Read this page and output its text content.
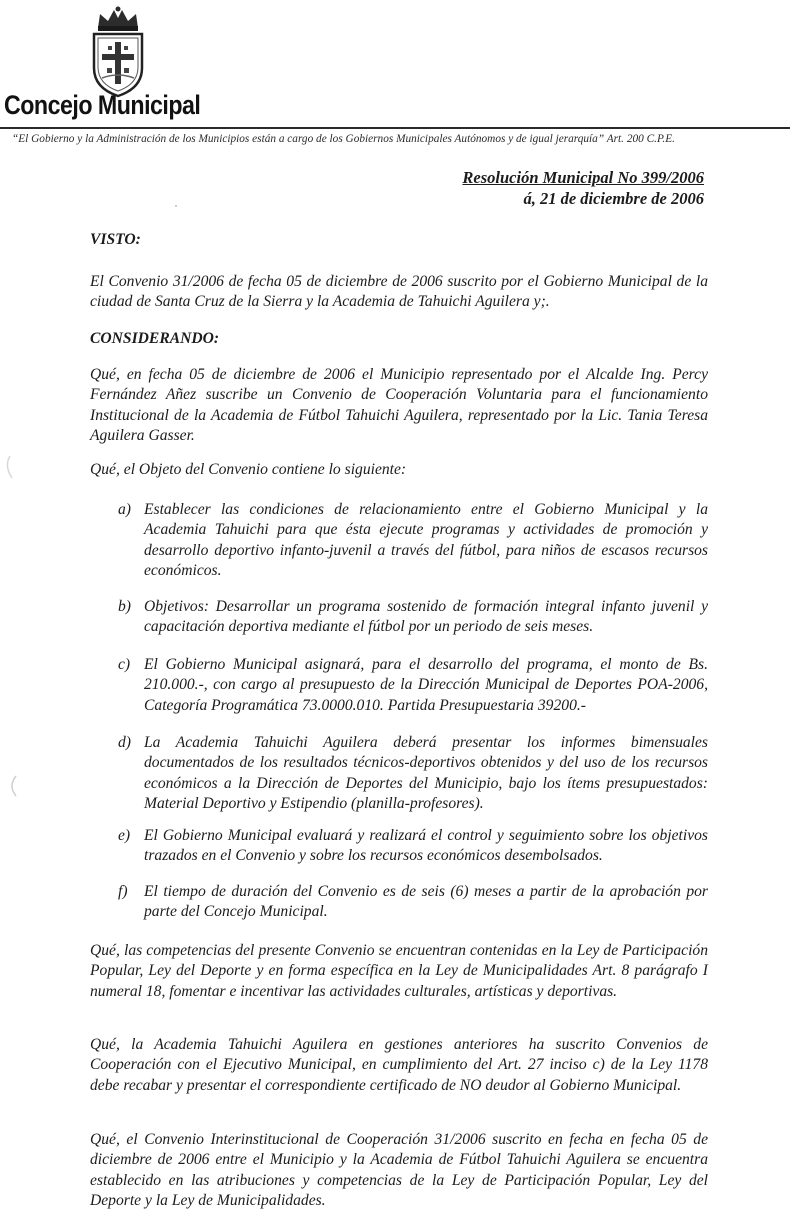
Concejo Municipal
“El Gobierno y la Administración de los Municipios están a cargo de los Gobiernos Municipales Autónomos y de igual jerarquía” Art. 200 C.P.E.
Resolución Municipal No 399/2006
á, 21 de diciembre de 2006
VISTO:

El Convenio 31/2006 de fecha 05 de diciembre de 2006 suscrito por el Gobierno Municipal de la ciudad de Santa Cruz de la Sierra y la Academia de Tahuichi Aguilera y;.

CONSIDERANDO:

Qué, en fecha 05 de diciembre de 2006 el Municipio representado por el Alcalde Ing. Percy Fernández Añez suscribe un Convenio de Cooperación Voluntaria para el funcionamiento Institucional de la Academia de Fútbol Tahuichi Aguilera, representado por la Lic. Tania Teresa Aguilera Gasser.

Qué, el Objeto del Convenio contiene lo siguiente:

a) Establecer las condiciones de relacionamiento entre el Gobierno Municipal y la Academia Tahuichi para que ésta ejecute programas y actividades de promoción y desarrollo deportivo infanto-juvenil a través del fútbol, para niños de escasos recursos económicos.
b) Objetivos: Desarrollar un programa sostenido de formación integral infanto juvenil y capacitación deportiva mediante el fútbol por un periodo de seis meses.
c) El Gobierno Municipal asignará, para el desarrollo del programa, el monto de Bs. 210.000.-, con cargo al presupuesto de la Dirección Municipal de Deportes POA-2006, Categoría Programática 73.0000.010. Partida Presupuestaria 39200.-
d) La Academia Tahuichi Aguilera deberá presentar los informes bimensuales documentados de los resultados técnicos-deportivos obtenidos y del uso de los recursos económicos a la Dirección de Deportes del Municipio, bajo los ítems presupuestados: Material Deportivo y Estipendio (planilla-profesores).
e) El Gobierno Municipal evaluará y realizará el control y seguimiento sobre los objetivos trazados en el Convenio y sobre los recursos económicos desembolsados.
f)	El tiempo de duración del Convenio es de seis (6) meses a partir de la aprobación por parte del Concejo Municipal.

Qué, las competencias del presente Convenio se encuentran contenidas en la Ley de Participación Popular, Ley del Deporte y en forma específica en la Ley de Municipalidades Art. 8 parágrafo I numeral 18, fomentar e incentivar las actividades culturales, artísticas y deportivas.

Qué, la Academia Tahuichi Aguilera en gestiones anteriores ha suscrito Convenios de Cooperación con el Ejecutivo Municipal, en cumplimiento del Art. 27 inciso c) de la Ley 1178 debe recabar y presentar el correspondiente certificado de NO deudor al Gobierno Municipal.

Qué, el Convenio Interinstitucional de Cooperación 31/2006 suscrito en fecha en fecha 05 de diciembre de 2006 entre el Municipio y la Academia de Fútbol Tahuichi Aguilera se encuentra establecido en las atribuciones y competencias de la Ley de Participación Popular, Ley del Deporte y la Ley de Municipalidades.
